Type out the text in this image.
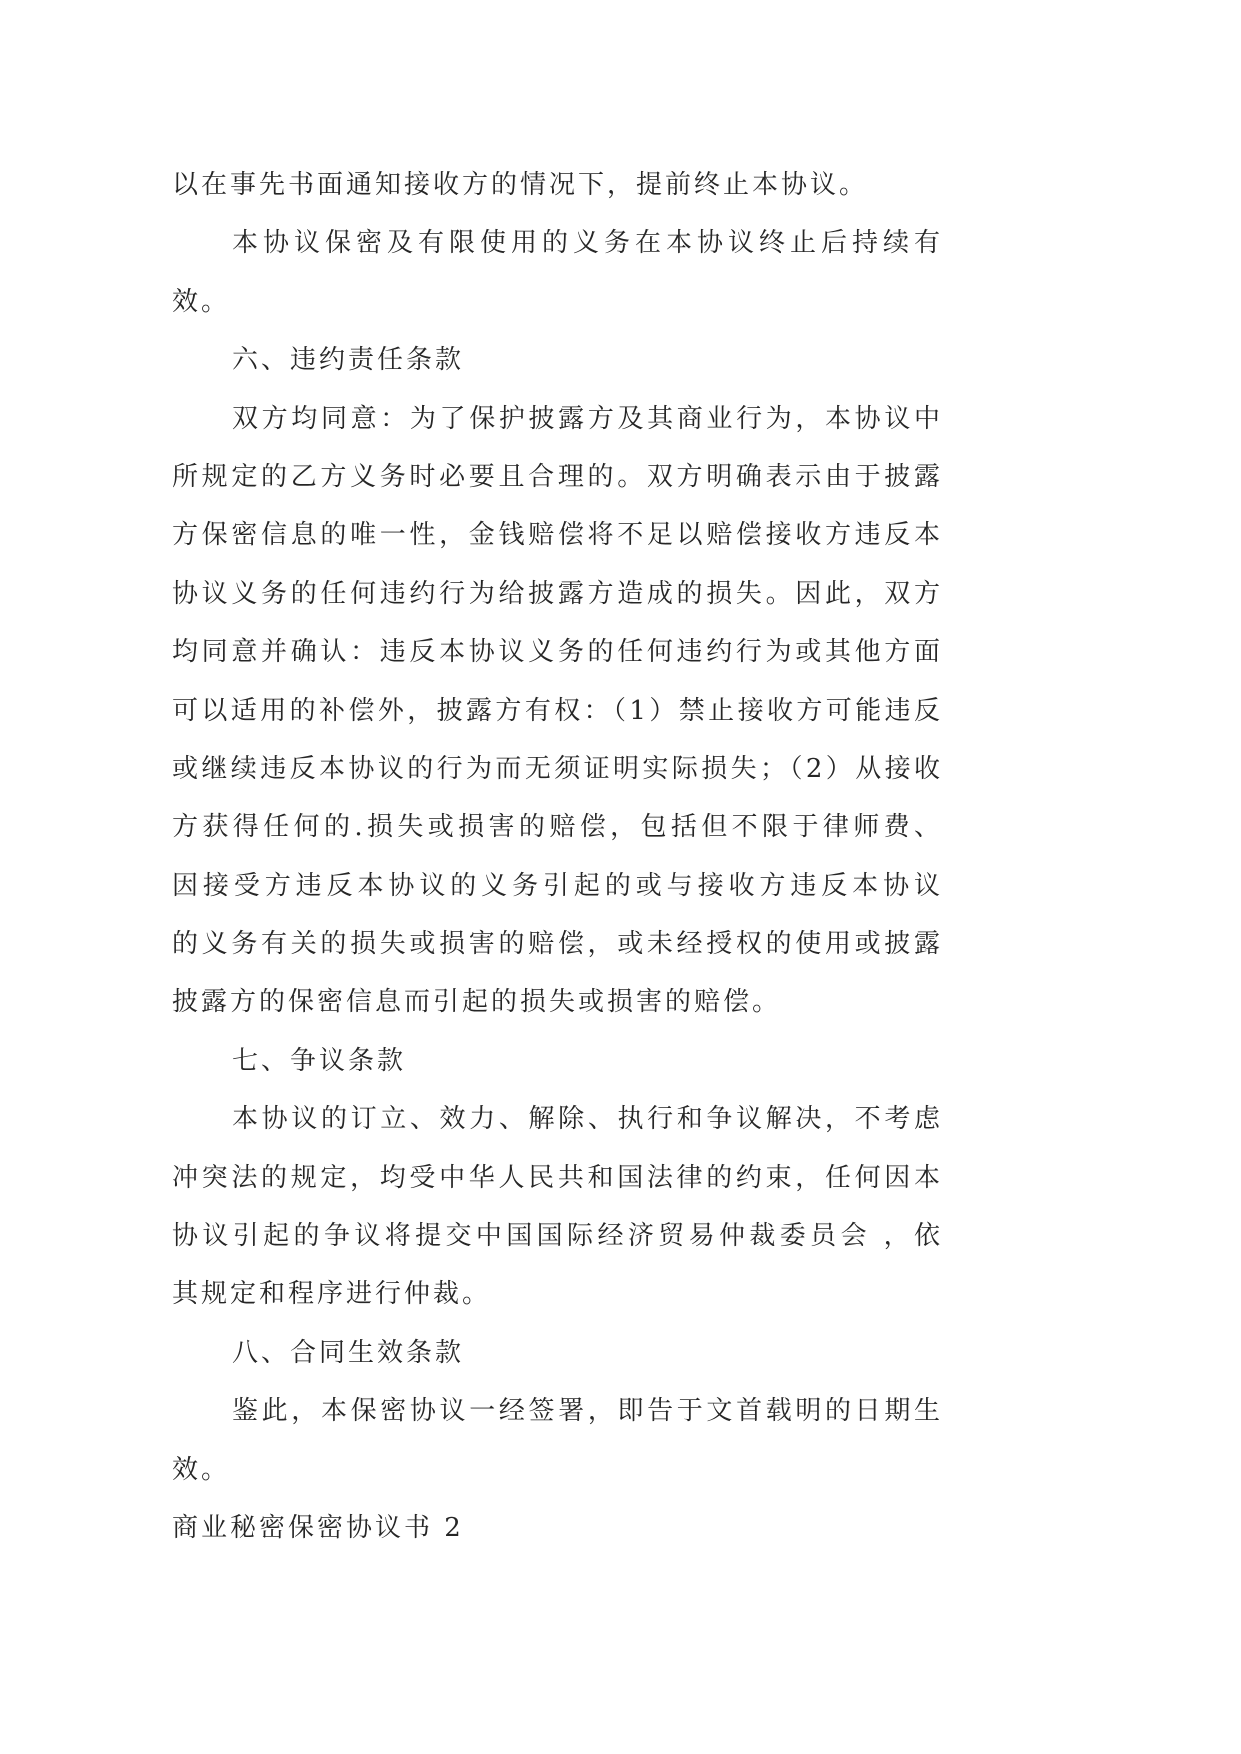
以在事先书面通知接收方的情况下，提前终止本协议。
本协议保密及有限使用的义务在本协议终止后持续有
效。
六、违约责任条款
双方均同意：为了保护披露方及其商业行为，本协议中
所规定的乙方义务时必要且合理的。双方明确表示由于披露
方保密信息的唯一性，金钱赔偿将不足以赔偿接收方违反本
协议义务的任何违约行为给披露方造成的损失。因此，双方
均同意并确认：违反本协议义务的任何违约行为或其他方面
可以适用的补偿外，披露方有权：（1）禁止接收方可能违反
或继续违反本协议的行为而无须证明实际损失；（2）从接收
方获得任何的.损失或损害的赔偿，包括但不限于律师费、
因接受方违反本协议的义务引起的或与接收方违反本协议
的义务有关的损失或损害的赔偿，或未经授权的使用或披露
披露方的保密信息而引起的损失或损害的赔偿。
七、争议条款
本协议的订立、效力、解除、执行和争议解决，不考虑
冲突法的规定，均受中华人民共和国法律的约束，任何因本
协议引起的争议将提交中国国际经济贸易仲裁委员会 ，依
其规定和程序进行仲裁。
八、合同生效条款
鉴此，本保密协议一经签署，即告于文首载明的日期生
效。
商业秘密保密协议书 2
